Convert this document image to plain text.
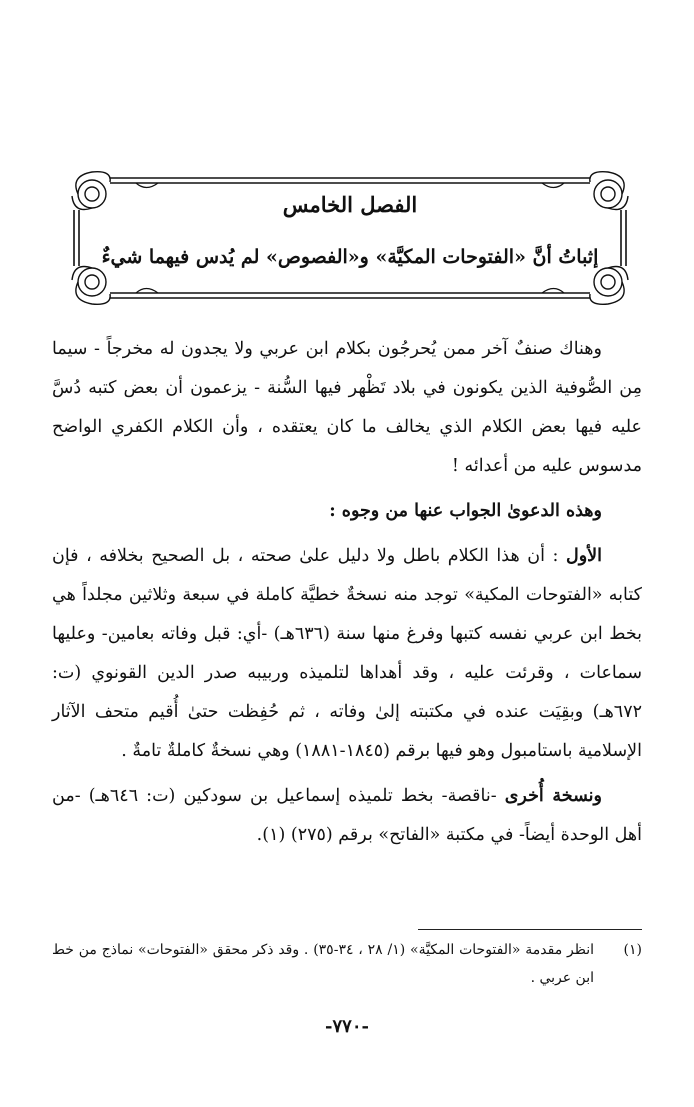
الفصل الخامس
إثباتُ أنَّ «الفتوحات المكيَّة» و«الفصوص» لم يُدس فيهما شيءٌ

وهناك صنفٌ آخر ممن يُحرجُون بكلام ابن عربي ولا يجدون له مخرجاً - سيما مِن الصُّوفية الذين يكونون في بلاد تَظْهر فيها السُّنة - يزعمون أن بعض كتبه دُسَّ عليه فيها بعض الكلام الذي يخالف ما كان يعتقده ، وأن الكلام الكفري الواضح مدسوس عليه من أعدائه !

وهذه الدعوىٰ الجواب عنها من وجوه :

الأول : أن هذا الكلام باطل ولا دليل علىٰ صحته ، بل الصحيح بخلافه ، فإن كتابه «الفتوحات المكية» توجد منه نسخةٌ خطيَّة كاملة في سبعة وثلاثين مجلداً هي بخط ابن عربي نفسه كتبها وفرغ منها سنة (٦٣٦هـ) -أي: قبل وفاته بعامين- وعليها سماعات ، وقرئت عليه ، وقد أهداها لتلميذه وربيبه صدر الدين القونوي (ت: ٦٧٢هـ) وبقِيَت عنده في مكتبته إلىٰ وفاته ، ثم حُفِظت حتىٰ أُقيم متحف الآثار الإسلامية باستامبول وهو فيها برقم (١٨٤٥-١٨٨١) وهي نسخةٌ كاملةٌ تامةٌ .

ونسخة أُخرى -ناقصة- بخط تلميذه إسماعيل بن سودكين (ت: ٦٤٦هـ) -من أهل الوحدة أيضاً- في مكتبة «الفاتح» برقم (٢٧٥) (١).

(١)
انظر مقدمة «الفتوحات المكيَّة» (١/ ٢٨ ، ٣٤-٣٥) . وقد ذكر محقق «الفتوحات» نماذج من خط ابن عربي .
-٧٧٠-
